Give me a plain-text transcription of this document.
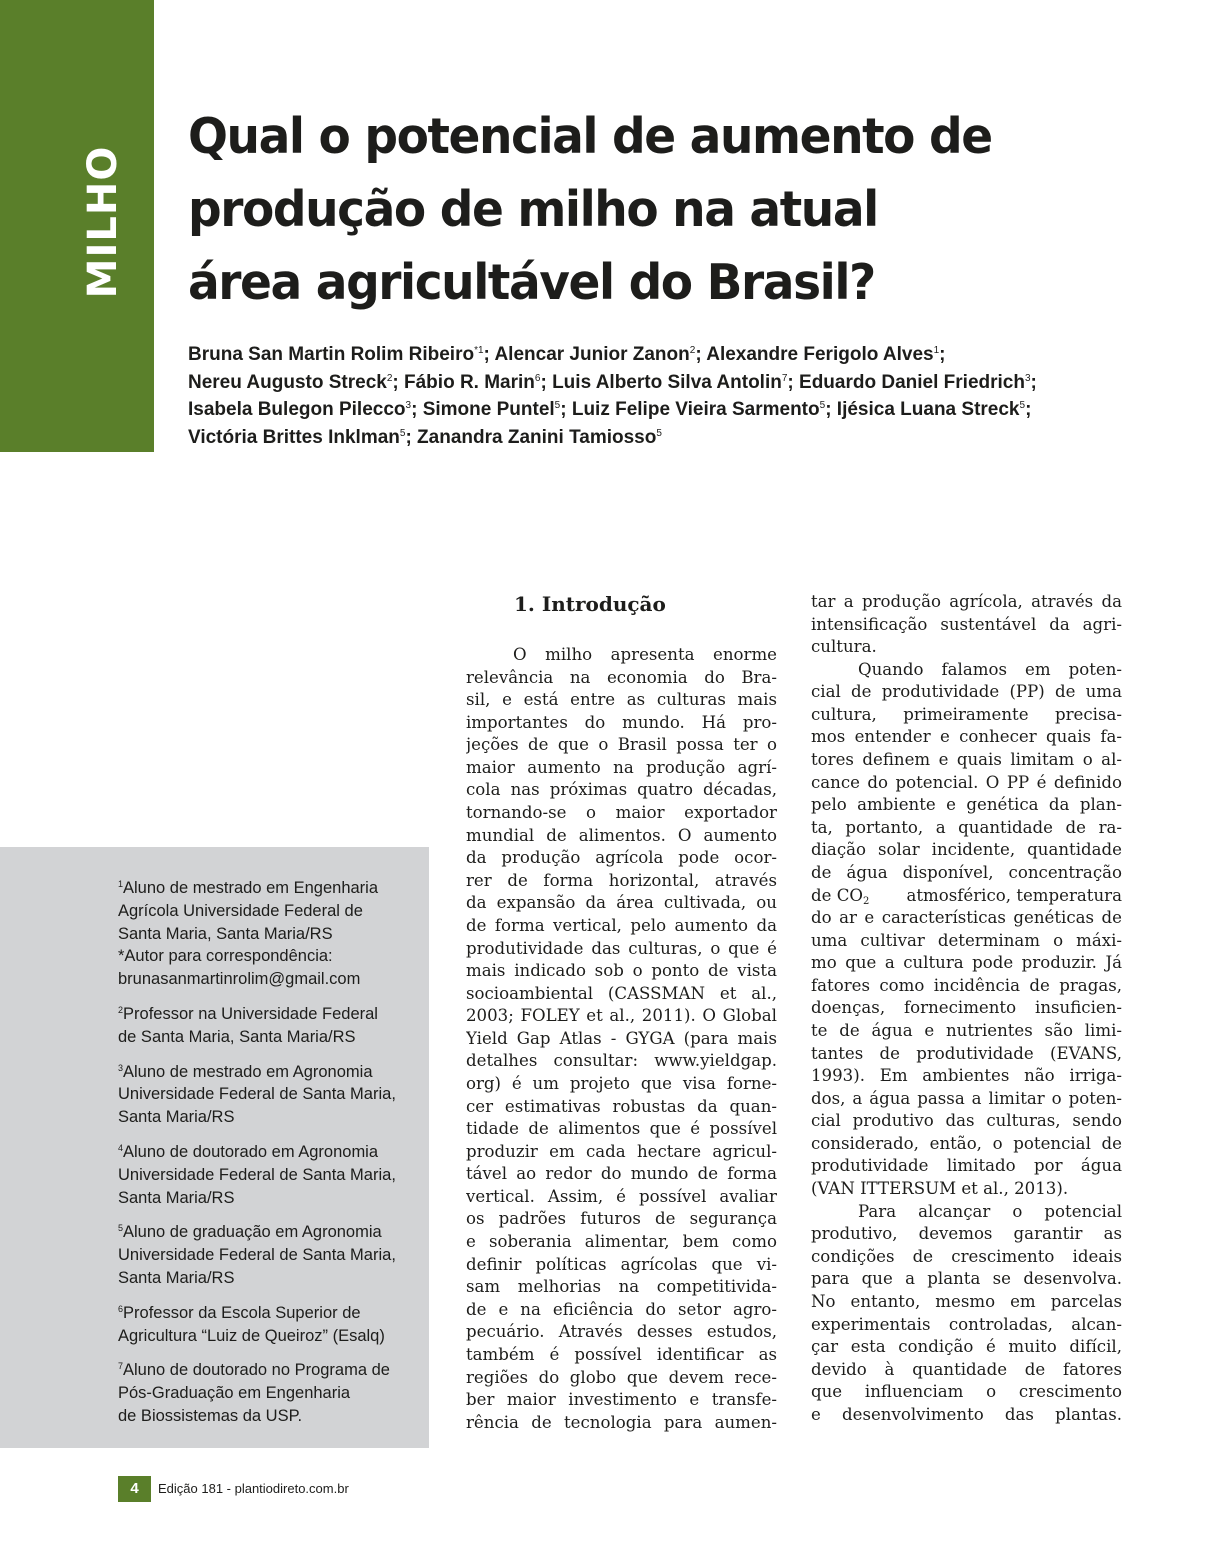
MILHO
Qual o potencial de aumento de
produção de milho na atual
área agricultável do Brasil?
Bruna San Martin Rolim Ribeiro$^{*1}$; Alencar Junior Zanon$^2$; Alexandre Ferigolo Alves$^1$;
Nereu Augusto Streck$^2$; Fábio R. Marin$^6$; Luis Alberto Silva Antolin$^7$; Eduardo Daniel Friedrich$^3$;
Isabela Bulegon Pilecco$^3$; Simone Puntel$^5$; Luiz Felipe Vieira Sarmento$^5$; Ijésica Luana Streck$^5$;
Victória Brittes Inklman$^5$; Zanandra Zanini Tamiosso$^5$
$^1$Aluno de mestrado em Engenharia
Agrícola Universidade Federal de
Santa Maria, Santa Maria/RS
*Autor para correspondência:
brunasanmartinrolim@gmail.com
$^2$Professor na Universidade Federal
de Santa Maria, Santa Maria/RS
$^3$Aluno de mestrado em Agronomia
Universidade Federal de Santa Maria,
Santa Maria/RS
$^4$Aluno de doutorado em Agronomia
Universidade Federal de Santa Maria,
Santa Maria/RS
$^5$Aluno de graduação em Agronomia
Universidade Federal de Santa Maria,
Santa Maria/RS
$^6$Professor da Escola Superior de
Agricultura “Luiz de Queiroz” (Esalq)
$^7$Aluno de doutorado no Programa de
Pós-Graduação em Engenharia
de Biossistemas da USP.
1. Introdução
O milho apresenta enorme
relevância na economia do Bra-
sil, e está entre as culturas mais
importantes do mundo. Há pro-
jeções de que o Brasil possa ter o
maior aumento na produção agrí-
cola nas próximas quatro décadas,
tornando-se o maior exportador
mundial de alimentos. O aumento
da produção agrícola pode ocor-
rer de forma horizontal, através
da expansão da área cultivada, ou
de forma vertical, pelo aumento da
produtividade das culturas, o que é
mais indicado sob o ponto de vista
socioambiental (CASSMAN et al.,
2003; FOLEY et al., 2011). O Global
Yield Gap Atlas - GYGA (para mais
detalhes consultar: www.yieldgap.
org) é um projeto que visa forne-
cer estimativas robustas da quan-
tidade de alimentos que é possível
produzir em cada hectare agricul-
tável ao redor do mundo de forma
vertical. Assim, é possível avaliar
os padrões futuros de segurança
e soberania alimentar, bem como
definir políticas agrícolas que vi-
sam melhorias na competitivida-
de e na eficiência do setor agro-
pecuário. Através desses estudos,
também é possível identificar as
regiões do globo que devem rece-
ber maior investimento e transfe-
rência de tecnologia para aumen-
tar a produção agrícola, através da
intensificação sustentável da agri-
cultura.
Quando falamos em poten-
cial de produtividade (PP) de uma
cultura, primeiramente precisa-
mos entender e conhecer quais fa-
tores definem e quais limitam o al-
cance do potencial. O PP é definido
pelo ambiente e genética da plan-
ta, portanto, a quantidade de ra-
diação solar incidente, quantidade
de água disponível, concentração
de $CO_2$ atmosférico, temperatura
do ar e características genéticas de
uma cultivar determinam o máxi-
mo que a cultura pode produzir. Já
fatores como incidência de pragas,
doenças, fornecimento insuficien-
te de água e nutrientes são limi-
tantes de produtividade (EVANS,
1993). Em ambientes não irriga-
dos, a água passa a limitar o poten-
cial produtivo das culturas, sendo
considerado, então, o potencial de
produtividade limitado por água
(VAN ITTERSUM et al., 2013).
Para alcançar o potencial
produtivo, devemos garantir as
condições de crescimento ideais
para que a planta se desenvolva.
No entanto, mesmo em parcelas
experimentais controladas, alcan-
çar esta condição é muito difícil,
devido à quantidade de fatores
que influenciam o crescimento
e desenvolvimento das plantas.
4	Edição 181 - plantiodireto.com.br
